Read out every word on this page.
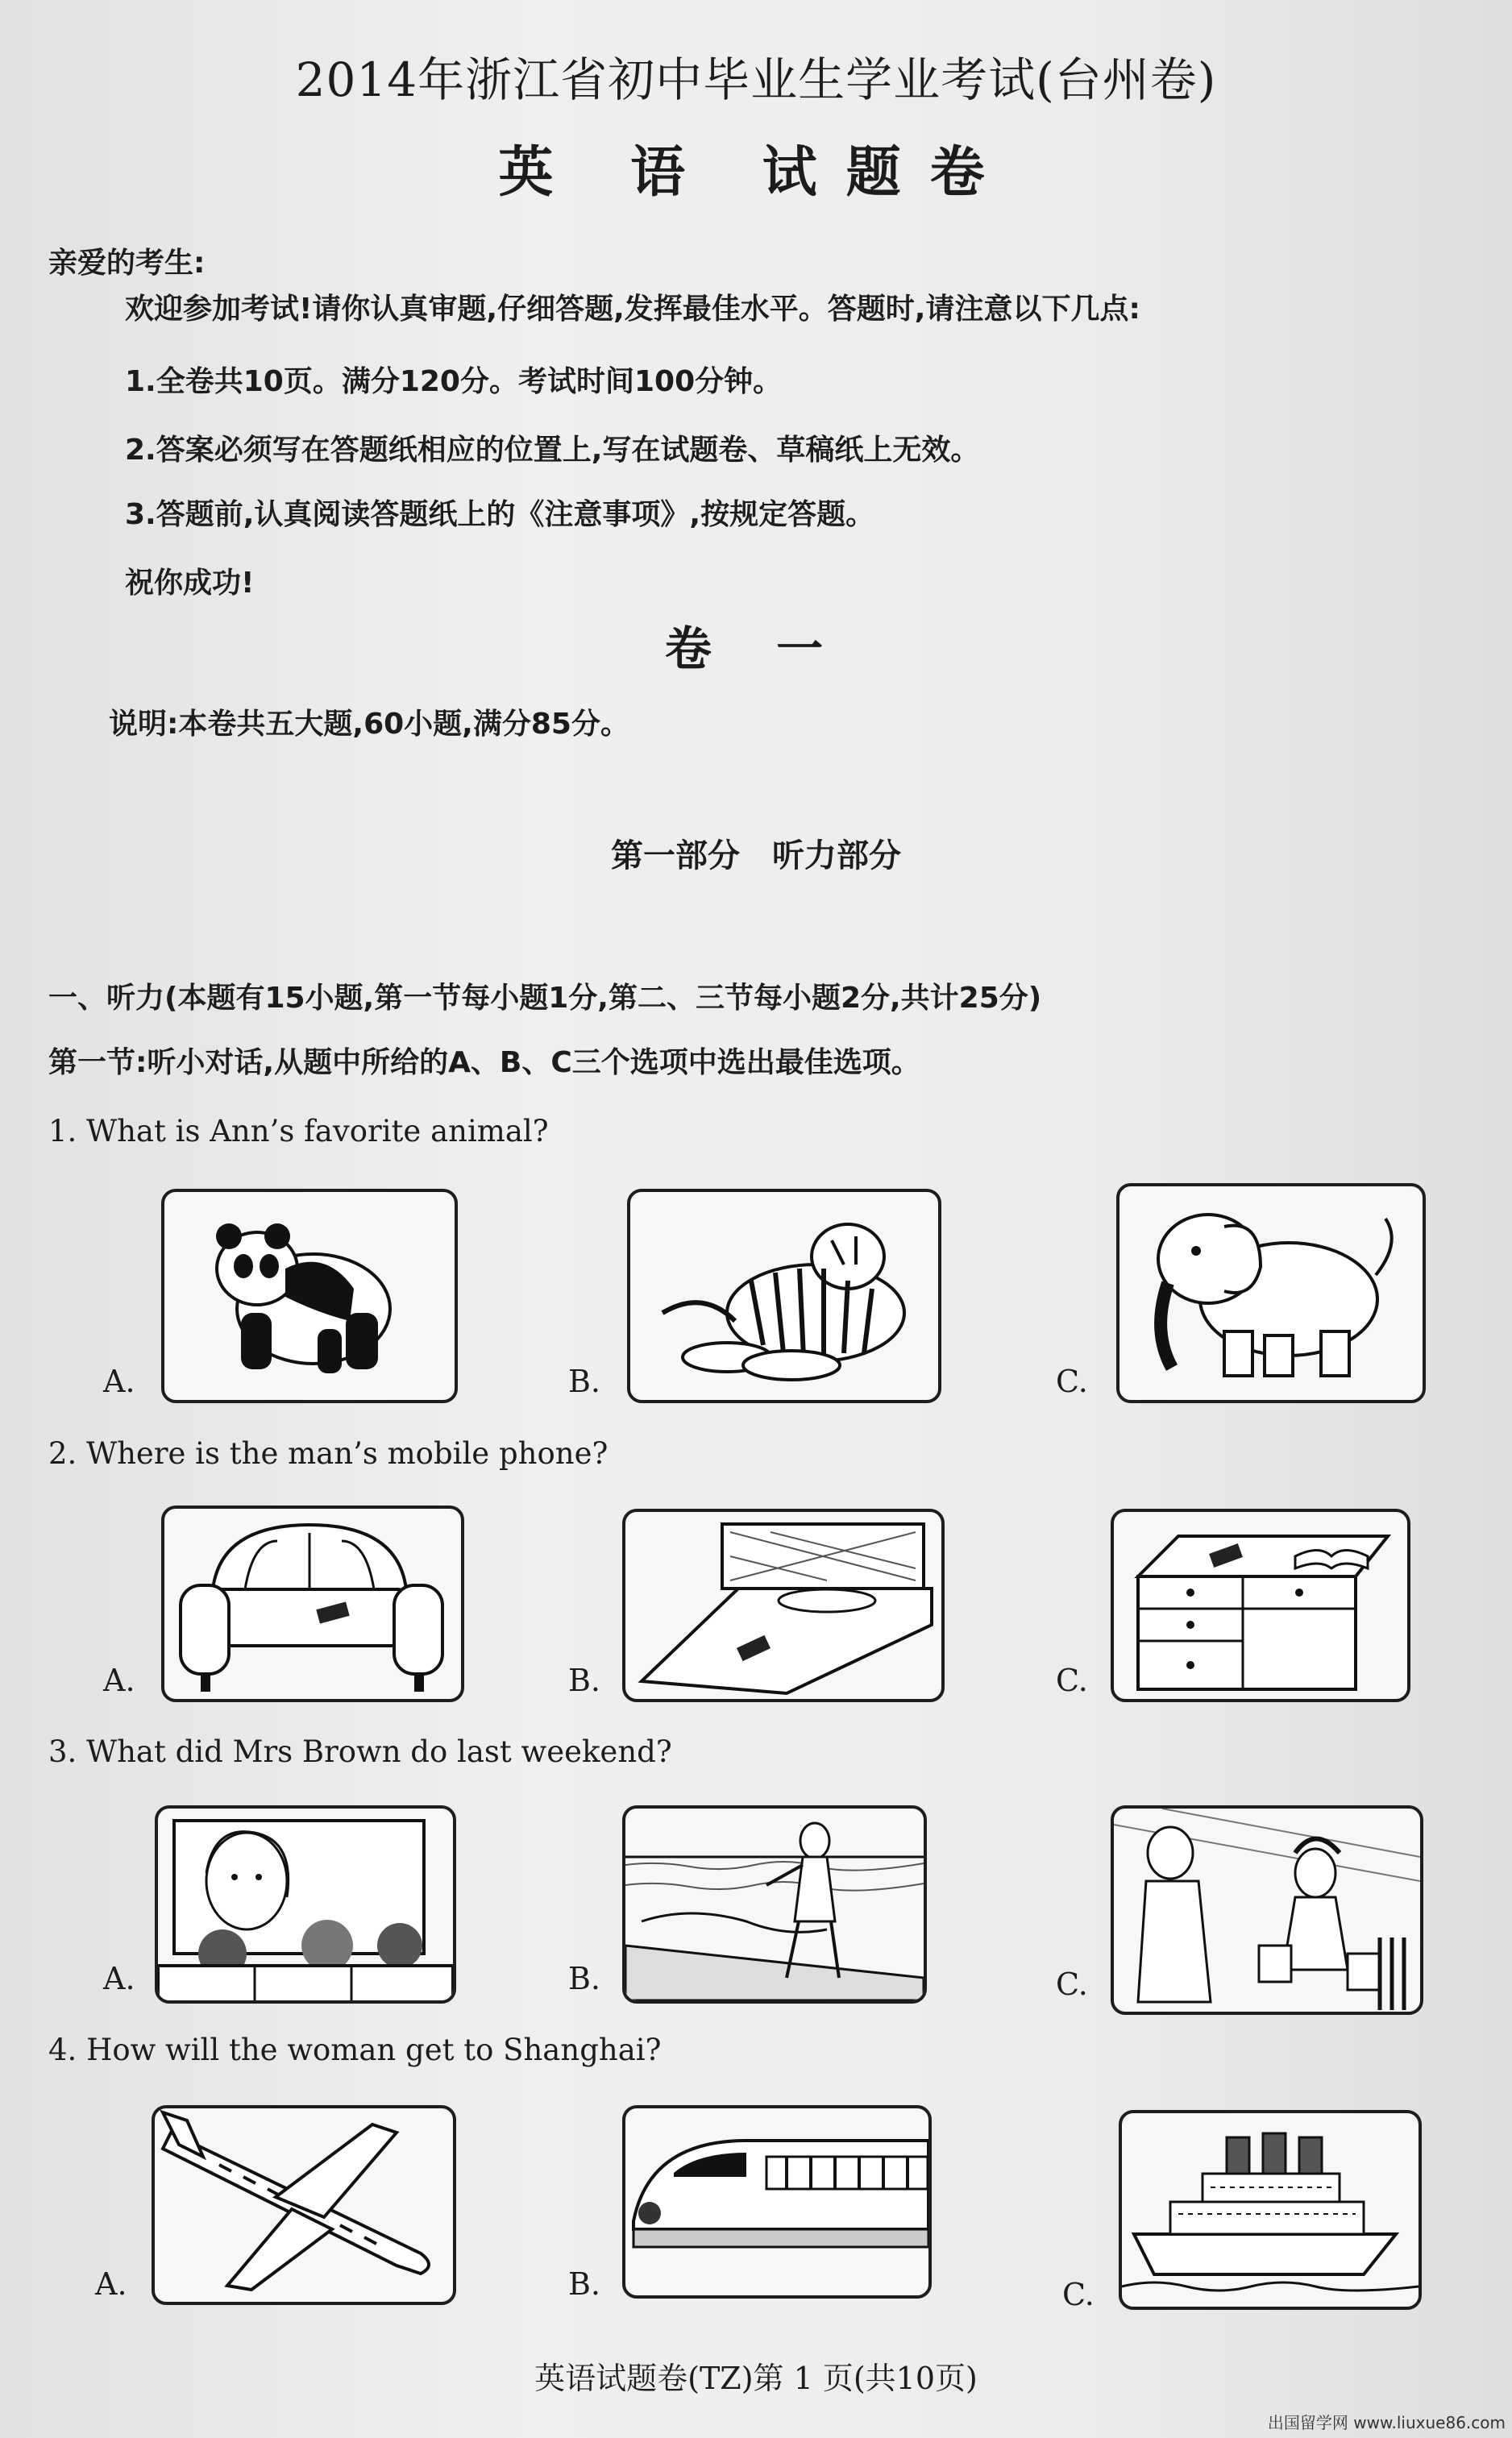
2014年浙江省初中毕业生学业考试(台州卷)
英 语 试题卷
亲爱的考生:
欢迎参加考试!请你认真审题,仔细答题,发挥最佳水平。答题时,请注意以下几点:
1.全卷共10页。满分120分。考试时间100分钟。
2.答案必须写在答题纸相应的位置上,写在试题卷、草稿纸上无效。
3.答题前,认真阅读答题纸上的《注意事项》,按规定答题。
祝你成功!
卷 一
说明:本卷共五大题,60小题,满分85分。
第一部分 听力部分
一、听力(本题有15小题,第一节每小题1分,第二、三节每小题2分,共计25分)
第一节:听小对话,从题中所给的A、B、C三个选项中选出最佳选项。
1. What is Ann’s favorite animal?
A.	B.	C.
2. Where is the man’s mobile phone?
A.	B.	C.
3. What did Mrs Brown do last weekend?
A.	B.	C.
4. How will the woman get to Shanghai?
A.	B.	C.
英语试题卷(TZ)第 1 页(共10页)
出国留学网 www.liuxue86.com
